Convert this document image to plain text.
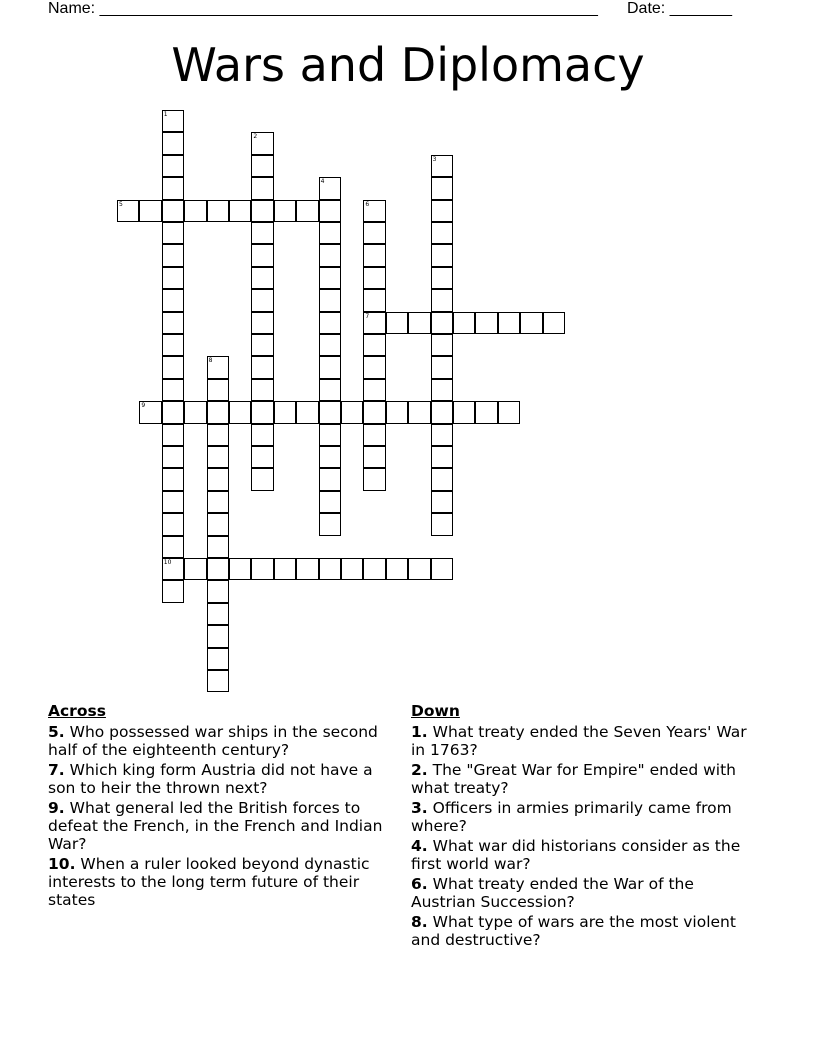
Name: ________________________________________________________ Date: _______
Wars and Diplomacy
1
10
2
3
4
5	6
7
8
9
Across
5. Who possessed war ships in the second half of the eighteenth century?
7. Which king form Austria did not have a son to heir the thrown next?
9. What general led the British forces to defeat the French, in the French and Indian War?
10. When a ruler looked beyond dynastic interests to the long term future of their states
Down
1. What treaty ended the Seven Years' War in 1763?
2. The "Great War for Empire" ended with what treaty?
3. Officers in armies primarily came from where?
4. What war did historians consider as the first world war?
6. What treaty ended the War of the Austrian Succession?
8. What type of wars are the most violent and destructive?
